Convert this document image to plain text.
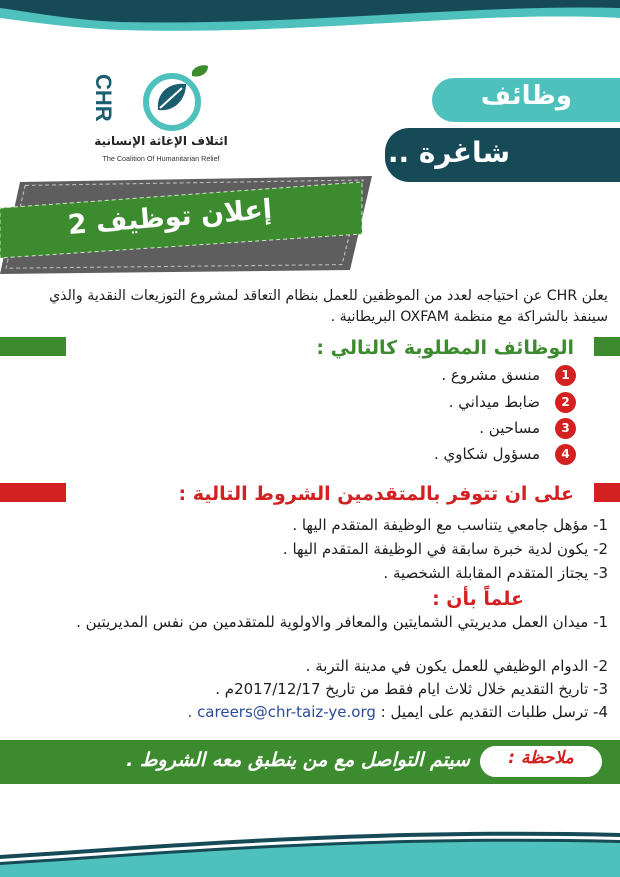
CHR
ائتلاف الإغاثة الإنسانية
The Coalition Of Humanitarian Relief
وظائف
شاغرة ..
إعلان توظيف 2
يعلن CHR عن احتياجه لعدد من الموظفين للعمل بنظام التعاقد لمشروع التوزيعات النقدية والذي سينفذ بالشراكة مع منظمة OXFAM البريطانية .
الوظائف المطلوبة كالتالي :
1
منسق مشروع .
2
ضابط ميداني .
3
مساحين .
4
مسؤول شكاوي .
على ان تتوفر بالمتقدمين الشروط التالية :
1- مؤهل جامعي يتناسب مع الوظيفة المتقدم اليها .
2- يكون لدية خبرة سابقة في الوظيفة المتقدم اليها .
3- يجتاز المتقدم المقابلة الشخصية .
علماً بأن :
1- ميدان العمل مديريتي الشمايتين والمعافر والاولوية للمتقدمين من نفس المديريتين .
2- الدوام الوظيفي للعمل يكون في مدينة التربة .
3- تاريخ التقديم خلال ثلاث ايام فقط من تاريخ 2017/12/17م .
4- ترسل طلبات التقديم على ايميل : careers@chr-taiz-ye.org .
ملاحظة :
سيتم التواصل مع من ينطبق معه الشروط .
